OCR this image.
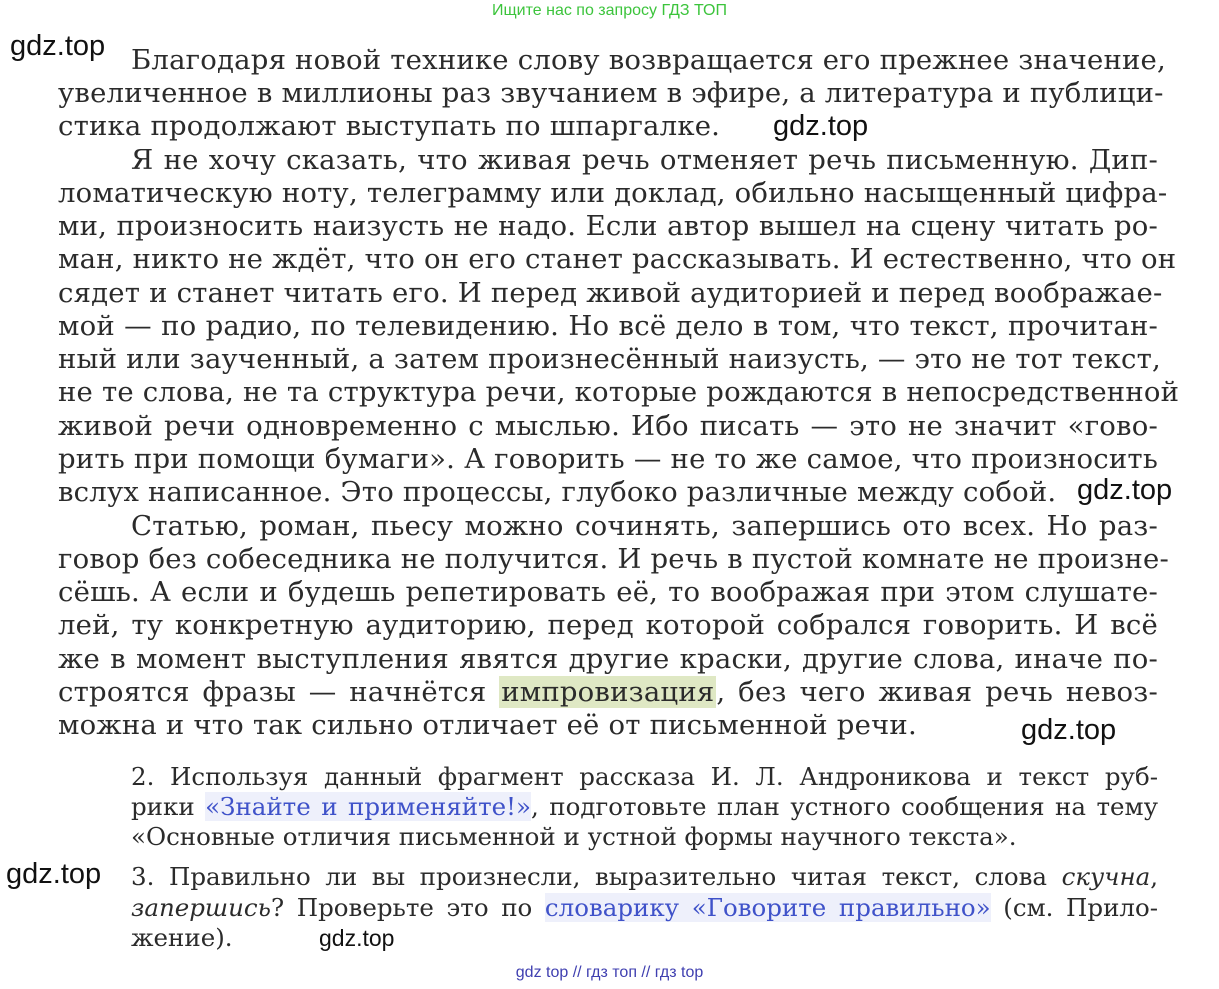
Ищите нас по запросу ГДЗ ТОП
gdz.top
gdz.top
gdz.top
gdz.top
gdz.top
gdz.top
Благодаря новой технике слову возвращается его прежнее значение,
увеличенное в миллионы раз звучанием в эфире, а литература и публици-
стика продолжают выступать по шпаргалке.
Я не хочу сказать, что живая речь отменяет речь письменную. Дип-
ломатическую ноту, телеграмму или доклад, обильно насыщенный цифра-
ми, произносить наизусть не надо. Если автор вышел на сцену читать ро-
ман, никто не ждёт, что он его станет рассказывать. И естественно, что он
сядет и станет читать его. И перед живой аудиторией и перед воображае-
мой — по радио, по телевидению. Но всё дело в том, что текст, прочитан-
ный или заученный, а затем произнесённый наизусть, — это не тот текст,
не те слова, не та структура речи, которые рождаются в непосредственной
живой речи одновременно с мыслью. Ибо писать — это не значит «гово-
рить при помощи бумаги». А говорить — не то же самое, что произносить
вслух написанное. Это процессы, глубоко различные между собой.
Статью, роман, пьесу можно сочинять, запершись ото всех. Но раз-
говор без собеседника не получится. И речь в пустой комнате не произне-
сёшь. А если и будешь репетировать её, то воображая при этом слушате-
лей, ту конкретную аудиторию, перед которой собрался говорить. И всё
же в момент выступления явятся другие краски, другие слова, иначе по-
строятся фразы — начнётся импровизация, без чего живая речь невоз-
можна и что так сильно отличает её от письменной речи.
2. Используя данный фрагмент рассказа И. Л. Андроникова и текст руб-
рики «Знайте и применяйте!», подготовьте план устного сообщения на тему
«Основные отличия письменной и устной формы научного текста».
3. Правильно ли вы произнесли, выразительно читая текст, слова скучна,
запершись? Проверьте это по словарику «Говорите правильно» (см. Прило-
жение).
gdz top // гдз топ // гдз top
